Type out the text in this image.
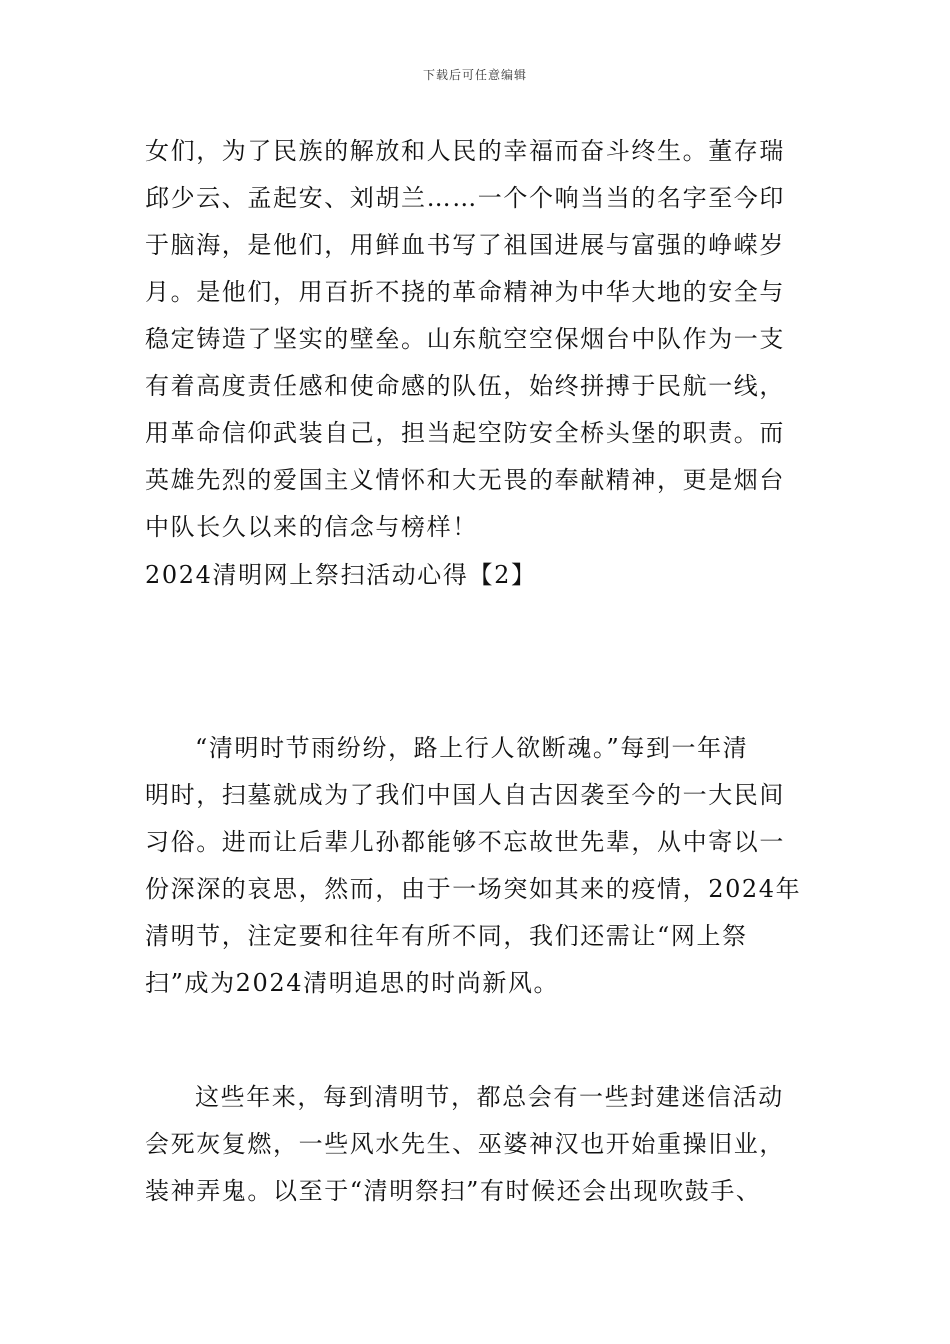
下载后可任意编辑
女们，为了民族的解放和人民的幸福而奋斗终生。董存瑞
邱少云、孟起安、刘胡兰……一个个响当当的名字至今印
于脑海，是他们，用鲜血书写了祖国进展与富强的峥嵘岁
月。是他们，用百折不挠的革命精神为中华大地的安全与
稳定铸造了坚实的壁垒。山东航空空保烟台中队作为一支
有着高度责任感和使命感的队伍，始终拼搏于民航一线，
用革命信仰武装自己，担当起空防安全桥头堡的职责。而
英雄先烈的爱国主义情怀和大无畏的奉献精神，更是烟台
中队长久以来的信念与榜样！
2024清明网上祭扫活动心得【2】
“清明时节雨纷纷，路上行人欲断魂。”每到一年清
明时，扫墓就成为了我们中国人自古因袭至今的一大民间
习俗。进而让后辈儿孙都能够不忘故世先辈，从中寄以一
份深深的哀思，然而，由于一场突如其来的疫情，2024年
清明节，注定要和往年有所不同，我们还需让“网上祭
扫”成为2024清明追思的时尚新风。
这些年来，每到清明节，都总会有一些封建迷信活动
会死灰复燃，一些风水先生、巫婆神汉也开始重操旧业，
装神弄鬼。以至于“清明祭扫”有时候还会出现吹鼓手、
